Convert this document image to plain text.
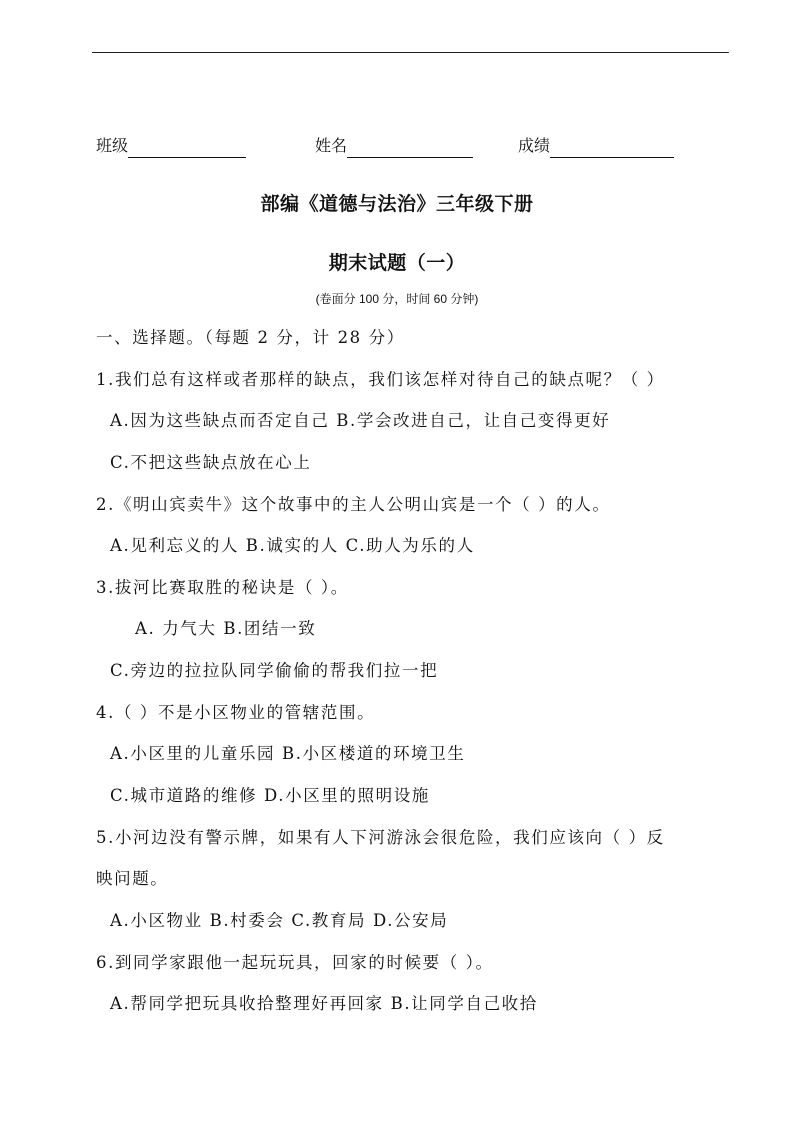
班级	姓名	成绩
部编《道德与法治》三年级下册
期末试题（一）
(卷面分 100 分，时间 60 分钟)
一、选择题。（每题 2 分，计 28 分）
1.我们总有这样或者那样的缺点，我们该怎样对待自己的缺点呢？（ ）
A.因为这些缺点而否定自己 B.学会改进自己，让自己变得更好
C.不把这些缺点放在心上
2.《明山宾卖牛》这个故事中的主人公明山宾是一个（ ）的人。
A.见利忘义的人 B.诚实的人 C.助人为乐的人
3.拔河比赛取胜的秘诀是（ ）。
A. 力气大 B.团结一致
C.旁边的拉拉队同学偷偷的帮我们拉一把
4.（ ）不是小区物业的管辖范围。
A.小区里的儿童乐园 B.小区楼道的环境卫生
C.城市道路的维修 D.小区里的照明设施
5.小河边没有警示牌，如果有人下河游泳会很危险，我们应该向（ ）反
映问题。
A.小区物业 B.村委会 C.教育局 D.公安局
6.到同学家跟他一起玩玩具，回家的时候要（ ）。
A.帮同学把玩具收拾整理好再回家 B.让同学自己收拾
